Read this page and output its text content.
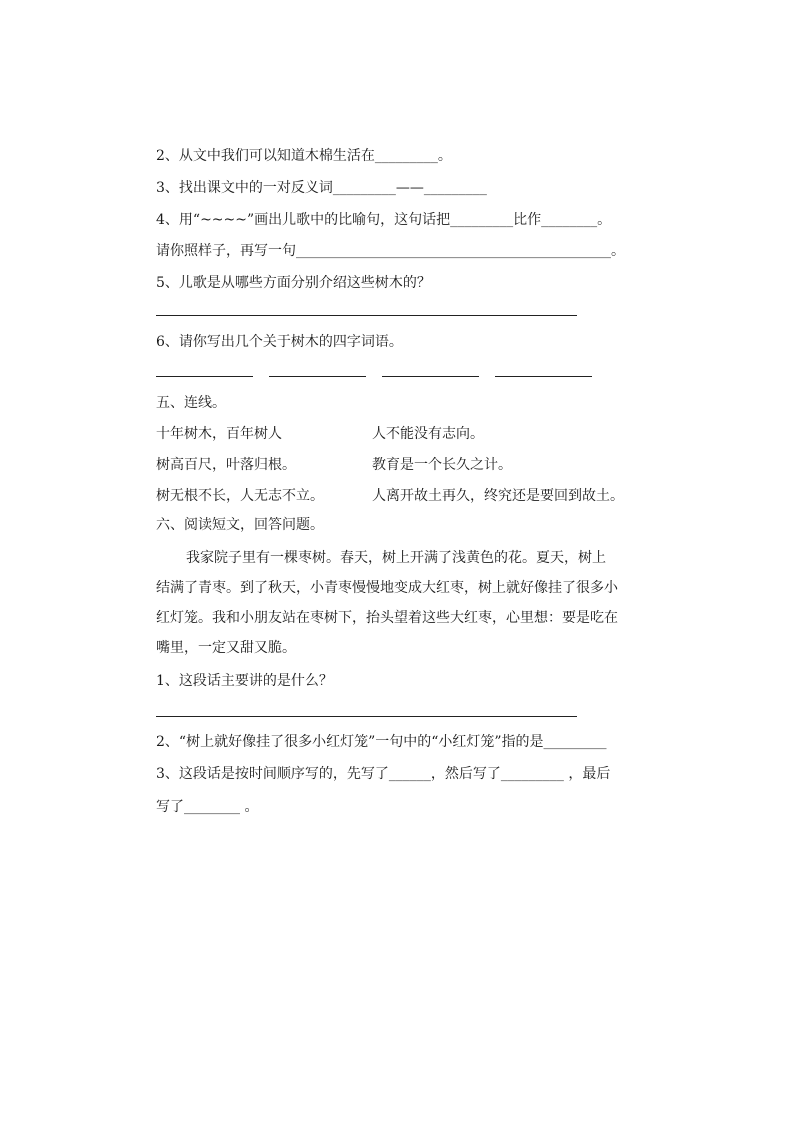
2、从文中我们可以知道木棉生活在_________。
3、找出课文中的一对反义词_________——_________
4、用“~~~~”画出儿歌中的比喻句，这句话把_________比作________。
请你照样子，再写一句_____________________________________________。
5、儿歌是从哪些方面分别介绍这些树木的？
6、请你写出几个关于树木的四字词语。
五、连线。
十年树木，百年树人	人不能没有志向。
树高百尺，叶落归根。	教育是一个长久之计。
树无根不长，人无志不立。	人离开故土再久，终究还是要回到故土。
六、阅读短文，回答问题。
我家院子里有一棵枣树。春天，树上开满了浅黄色的花。夏天，树上
结满了青枣。到了秋天，小青枣慢慢地变成大红枣，树上就好像挂了很多小
红灯笼。我和小朋友站在枣树下，抬头望着这些大红枣，心里想：要是吃在
嘴里，一定又甜又脆。
1、这段话主要讲的是什么？
2、“树上就好像挂了很多小红灯笼”一句中的“小红灯笼”指的是_________
3、这段话是按时间顺序写的，先写了______，然后写了_________ ，最后
写了________ 。
